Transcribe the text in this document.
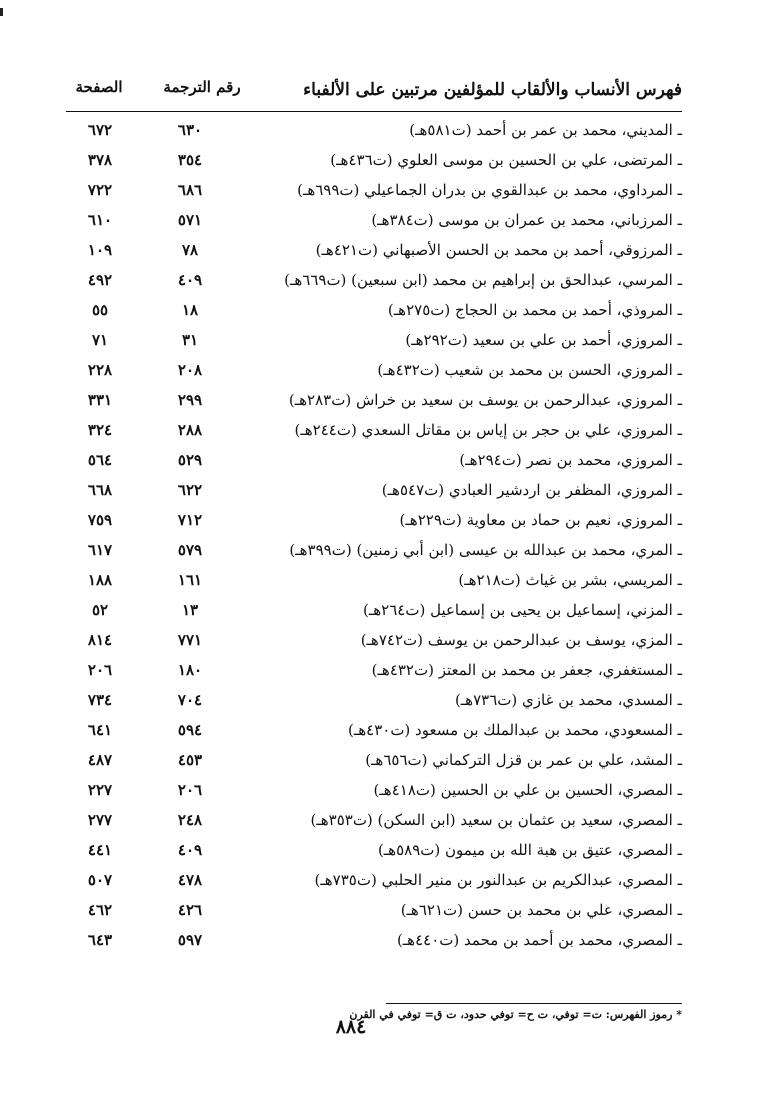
فهرس الأنساب والألقاب للمؤلفين مرتبين على الألفباء
رقم الترجمة
الصفحة
ـ المديني، محمد بن عمر بن أحمد (ت٥٨١هـ)
٦٣٠
٦٧٢
ـ المرتضى، علي بن الحسين بن موسى العلوي (ت٤٣٦هـ)
٣٥٤
٣٧٨
ـ المرداوي، محمد بن عبدالقوي بن بدران الجماعيلي (ت٦٩٩هـ)
٦٨٦
٧٢٢
ـ المرزباني، محمد بن عمران بن موسى (ت٣٨٤هـ)
٥٧١
٦١٠
ـ المرزوقي، أحمد بن محمد بن الحسن الأصبهاني (ت٤٢١هـ)
٧٨
١٠٩
ـ المرسي، عبدالحق بن إبراهيم بن محمد (ابن سبعين) (ت٦٦٩هـ)
٤٠٩
٤٩٢
ـ المروذي، أحمد بن محمد بن الحجاج (ت٢٧٥هـ)
١٨
٥٥
ـ المروزي، أحمد بن علي بن سعيد (ت٢٩٢هـ)
٣١
٧١
ـ المروزي، الحسن بن محمد بن شعيب (ت٤٣٢هـ)
٢٠٨
٢٢٨
ـ المروزي، عبدالرحمن بن يوسف بن سعيد بن خراش (ت٢٨٣هـ)
٢٩٩
٣٣١
ـ المروزي، علي بن حجر بن إياس بن مقاتل السعدي (ت٢٤٤هـ)
٢٨٨
٣٢٤
ـ المروزي، محمد بن نصر (ت٢٩٤هـ)
٥٢٩
٥٦٤
ـ المروزي، المظفر بن اردشير العبادي (ت٥٤٧هـ)
٦٢٢
٦٦٨
ـ المروزي، نعيم بن حماد بن معاوية (ت٢٢٩هـ)
٧١٢
٧٥٩
ـ المري، محمد بن عبدالله بن عيسى (ابن أبي زمنين) (ت٣٩٩هـ)
٥٧٩
٦١٧
ـ المريسي، بشر بن غياث (ت٢١٨هـ)
١٦١
١٨٨
ـ المزني، إسماعيل بن يحيى بن إسماعيل (ت٢٦٤هـ)
١٣
٥٢
ـ المزي، يوسف بن عبدالرحمن بن يوسف (ت٧٤٢هـ)
٧٧١
٨١٤
ـ المستغفري، جعفر بن محمد بن المعتز (ت٤٣٢هـ)
١٨٠
٢٠٦
ـ المسدي، محمد بن غازي (ت٧٣٦هـ)
٧٠٤
٧٣٤
ـ المسعودي، محمد بن عبدالملك بن مسعود (ت٤٣٠هـ)
٥٩٤
٦٤١
ـ المشد، علي بن عمر بن قزل التركماني (ت٦٥٦هـ)
٤٥٣
٤٨٧
ـ المصري، الحسين بن علي بن الحسين (ت٤١٨هـ)
٢٠٦
٢٢٧
ـ المصري، سعيد بن عثمان بن سعيد (ابن السكن) (ت٣٥٣هـ)
٢٤٨
٢٧٧
ـ المصري، عتيق بن هبة الله بن ميمون (ت٥٨٩هـ)
٤٠٩
٤٤١
ـ المصري، عبدالكريم بن عبدالنور بن منير الحلبي (ت٧٣٥هـ)
٤٧٨
٥٠٧
ـ المصري، علي بن محمد بن حسن (ت٦٢١هـ)
٤٢٦
٤٦٢
ـ المصري، محمد بن أحمد بن محمد (ت٤٤٠هـ)
٥٩٧
٦٤٣
* رموز الفهرس: ت= توفي، ت ح= توفي حدود، ت ق= توفي في القرن
٨٨٤
